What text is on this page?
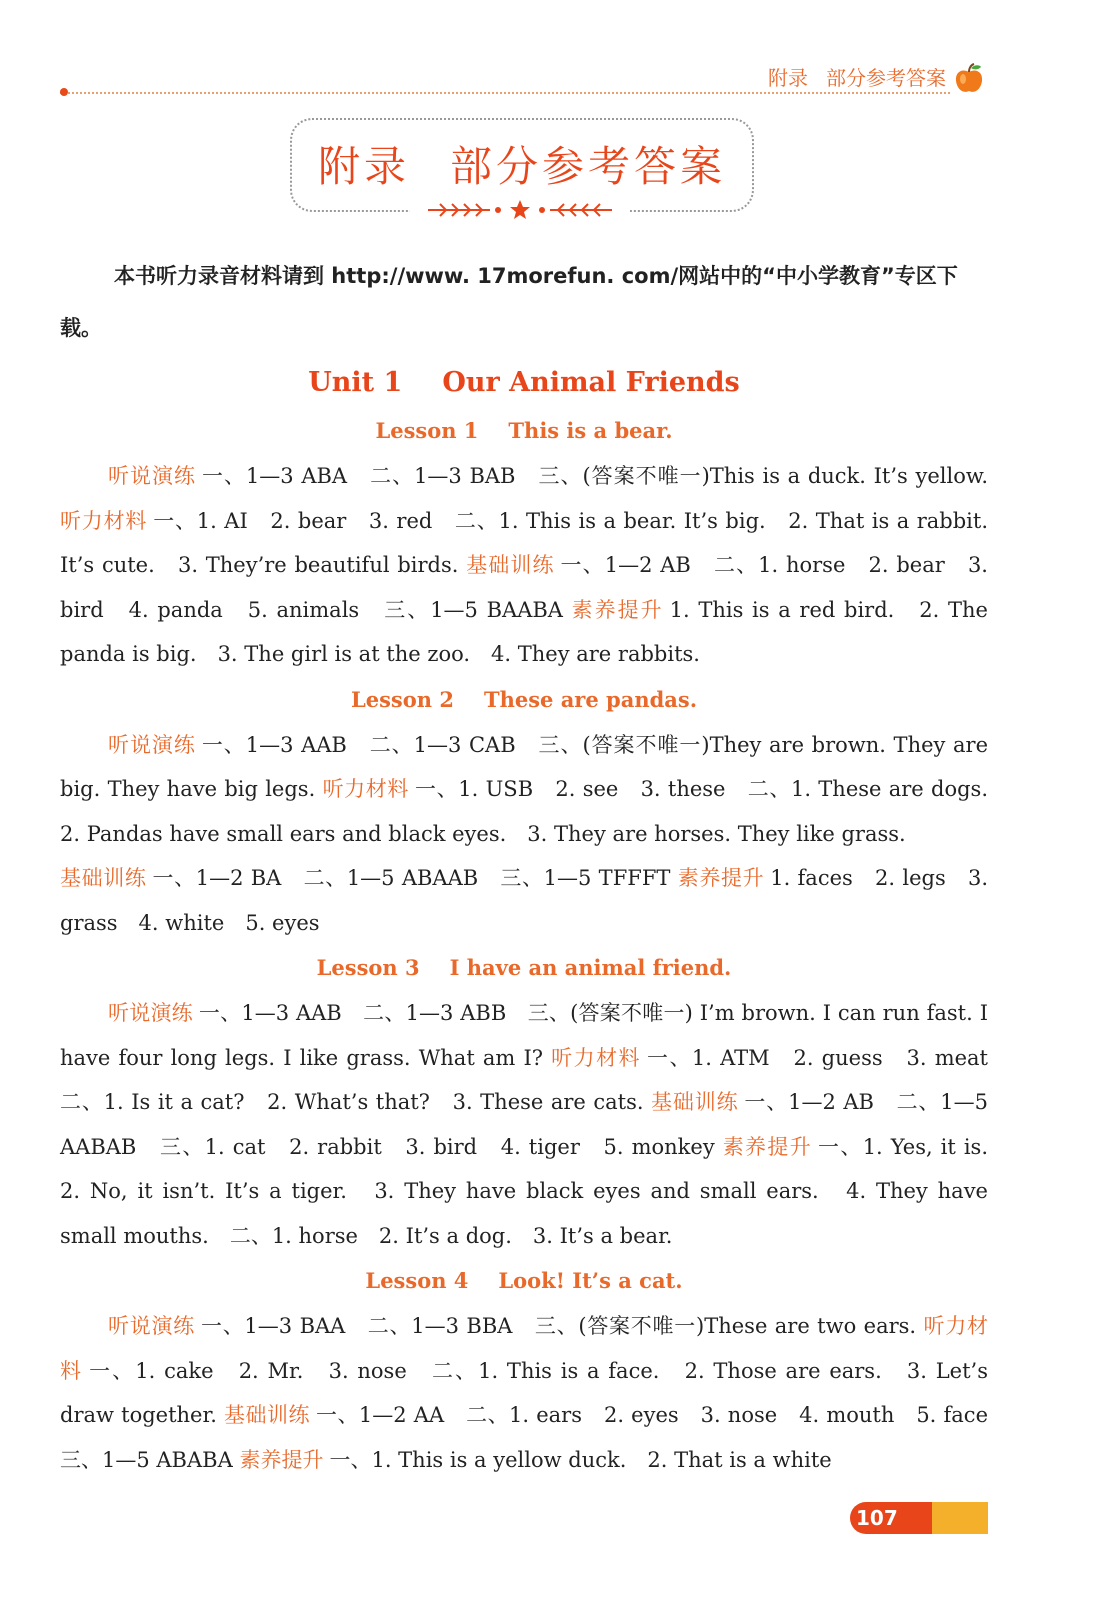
附录 部分参考答案
附录 部分参考答案

本书听力录音材料请到 http://www. 17morefun. com/网站中的“中小学教育”专区下载。

Unit 1 Our Animal Friends
Lesson 1 This is a bear.

听说演练 一、1—3 ABA　二、1—3 BAB　三、(答案不唯一)This is a duck. It’s yellow. 听力材料 一、1. AI　2. bear　3. red　二、1. This is a bear. It’s big.　2. That is a rabbit. It’s cute.　3. They’re beautiful birds. 基础训练 一、1—2 AB　二、1. horse　2. bear　3. bird　4. panda　5. animals　三、1—5 BAABA 素养提升 1. This is a red bird.　2. The panda is big.　3. The girl is at the zoo.　4. They are rabbits.

Lesson 2 These are pandas.

听说演练 一、1—3 AAB　二、1—3 CAB　三、(答案不唯一)They are brown. They are big. They have big legs. 听力材料 一、1. USB　2. see　3. these　二、1. These are dogs.　2. Pandas have small ears and black eyes.　3. They are horses. They like grass.

基础训练 一、1—2 BA　二、1—5 ABAAB　三、1—5 TFFFT 素养提升 1. faces　2. legs　3. grass　4. white　5. eyes

Lesson 3 I have an animal friend.

听说演练 一、1—3 AAB　二、1—3 ABB　三、(答案不唯一) I’m brown. I can run fast. I have four long legs. I like grass. What am I? 听力材料 一、1. ATM　2. guess　3. meat　二、1. Is it a cat?　2. What’s that?　3. These are cats. 基础训练 一、1—2 AB　二、1—5 AABAB　三、1. cat　2. rabbit　3. bird　4. tiger　5. monkey 素养提升 一、1. Yes, it is.　2. No, it isn’t. It’s a tiger.　3. They have black eyes and small ears.　4. They have small mouths.　二、1. horse　2. It’s a dog.　3. It’s a bear.

Lesson 4 Look! It’s a cat.

听说演练 一、1—3 BAA　二、1—3 BBA　三、(答案不唯一)These are two ears. 听力材料 一、1. cake　2. Mr.　3. nose　二、1. This is a face.　2. Those are ears.　3. Let’s draw together. 基础训练 一、1—2 AA　二、1. ears　2. eyes　3. nose　4. mouth　5. face　三、1—5 ABABA 素养提升 一、1. This is a yellow duck.　2. That is a white

107
